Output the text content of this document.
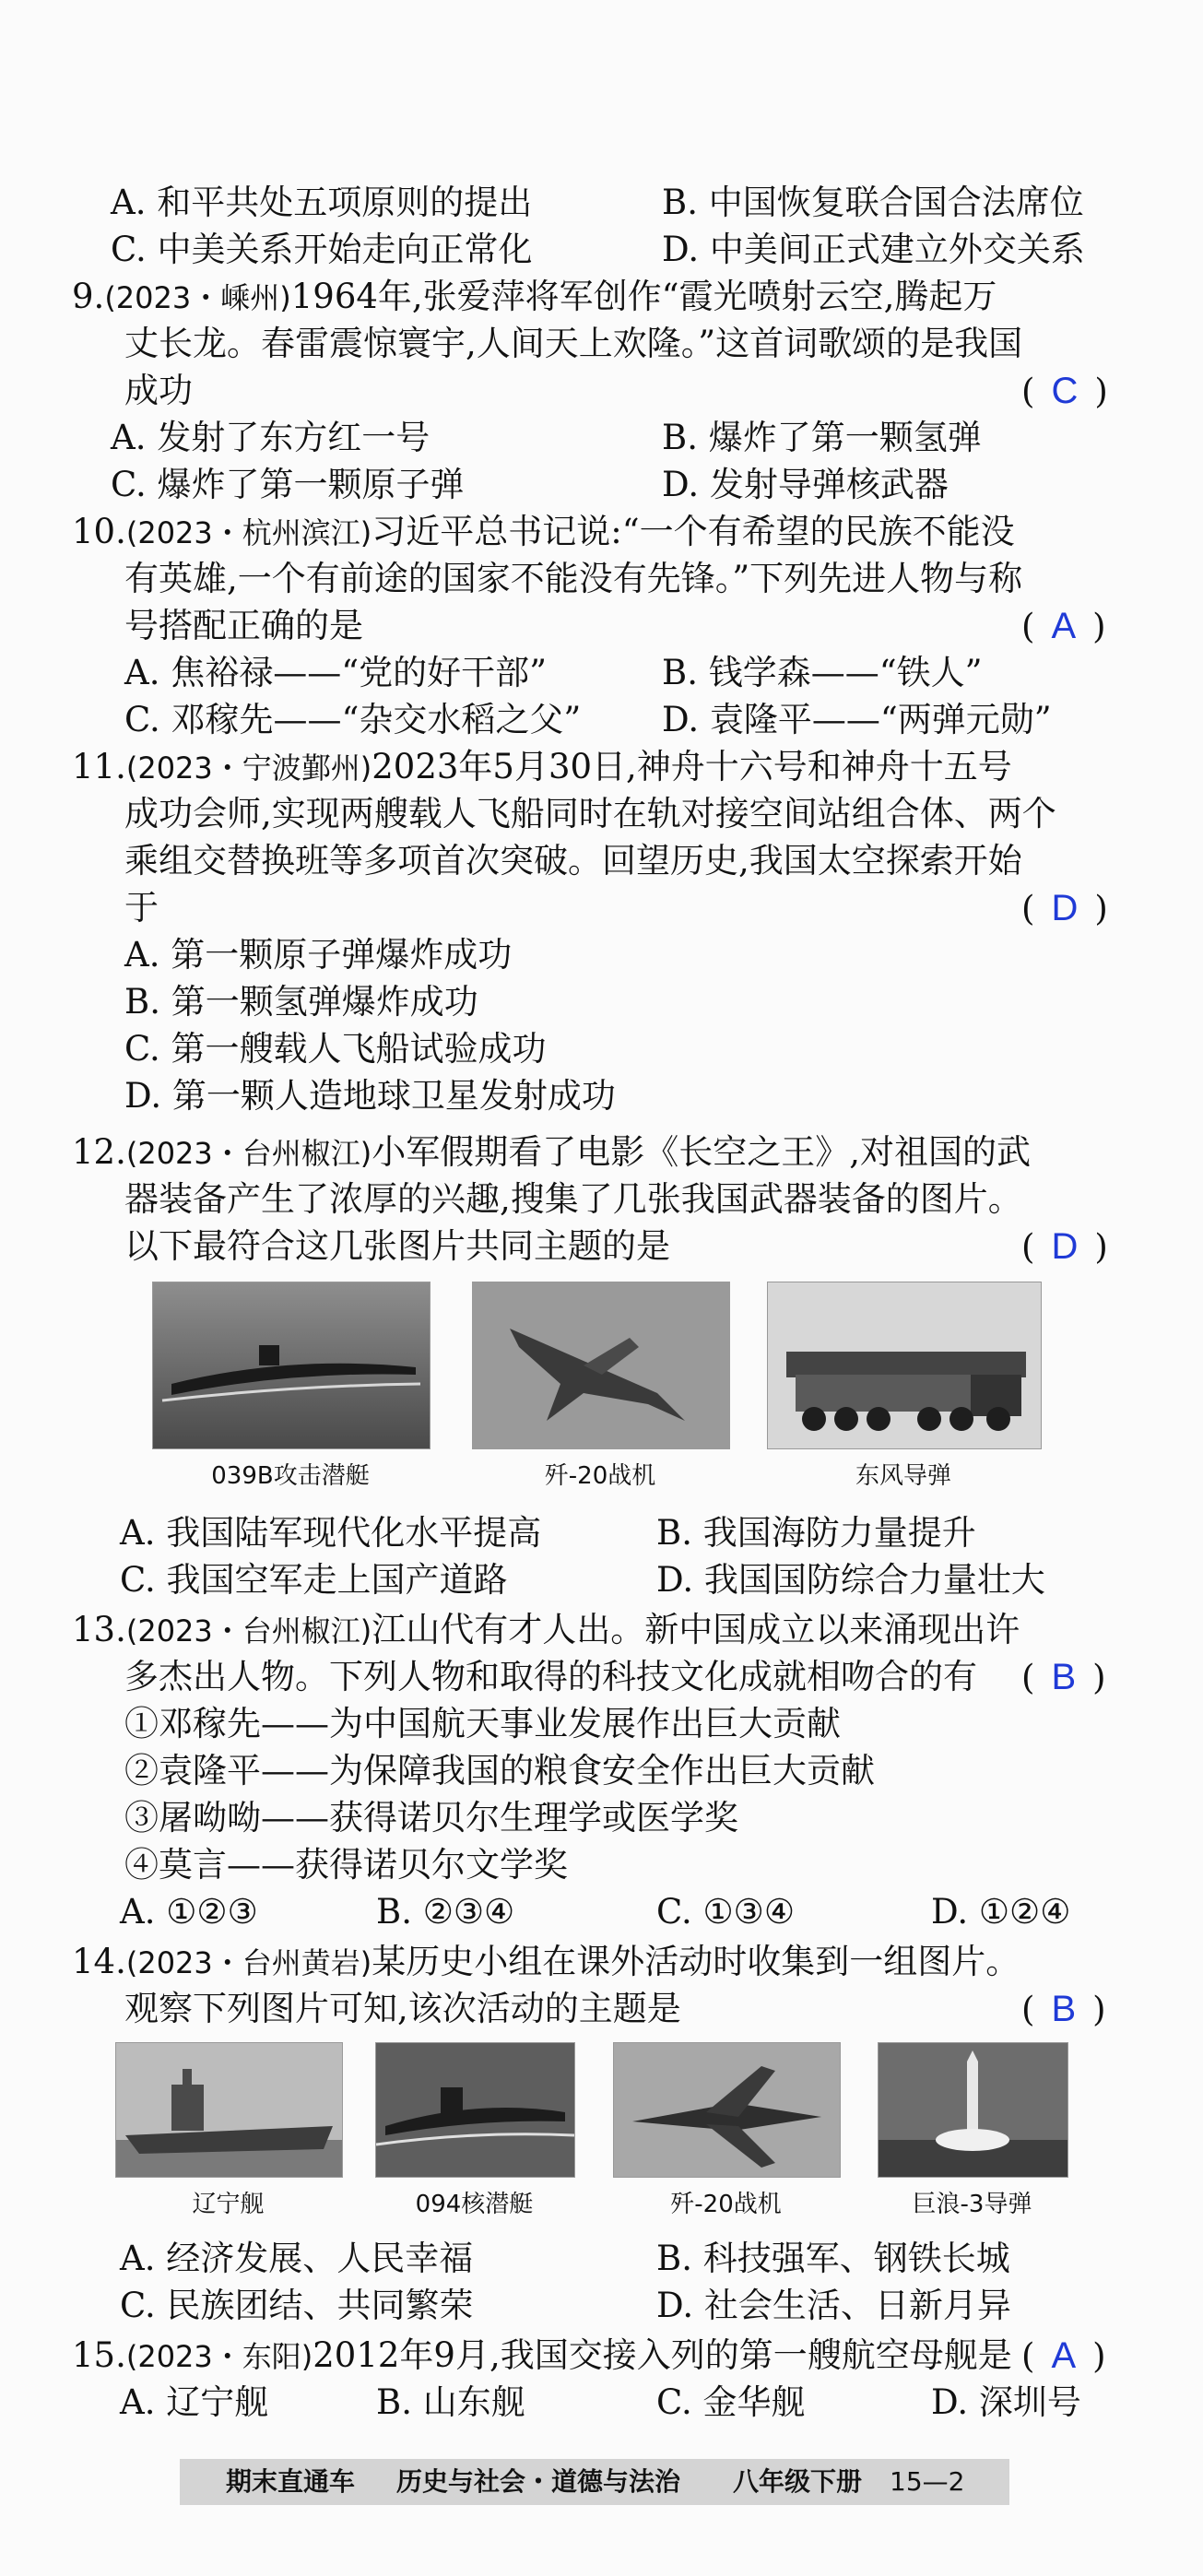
A. 和平共处五项原则的提出	B. 中国恢复联合国合法席位
C. 中美关系开始走向正常化	D. 中美间正式建立外交关系
9.(2023・嵊州)1964年,张爱萍将军创作“霞光喷射云空,腾起万
丈长龙。春雷震惊寰宇,人间天上欢隆。”这首词歌颂的是我国
成功	( C )
A. 发射了东方红一号	B. 爆炸了第一颗氢弹
C. 爆炸了第一颗原子弹	D. 发射导弹核武器
10.(2023・杭州滨江)习近平总书记说:“一个有希望的民族不能没
有英雄,一个有前途的国家不能没有先锋。”下列先进人物与称
号搭配正确的是	( A )
A. 焦裕禄——“党的好干部”	B. 钱学森——“铁人”
C. 邓稼先——“杂交水稻之父” D. 袁隆平——“两弹元勋”
11.(2023・宁波鄞州)2023年5月30日,神舟十六号和神舟十五号
成功会师,实现两艘载人飞船同时在轨对接空间站组合体、两个
乘组交替换班等多项首次突破。回望历史,我国太空探索开始
于	( D )
A. 第一颗原子弹爆炸成功
B. 第一颗氢弹爆炸成功
C. 第一艘载人飞船试验成功
D. 第一颗人造地球卫星发射成功
12.(2023・台州椒江)小军假期看了电影《长空之王》,对祖国的武
器装备产生了浓厚的兴趣,搜集了几张我国武器装备的图片。
以下最符合这几张图片共同主题的是	( D )
039B攻击潜艇	歼-20战机	东风导弹
A. 我国陆军现代化水平提高	B. 我国海防力量提升
C. 我国空军走上国产道路	D. 我国国防综合力量壮大
13.(2023・台州椒江)江山代有才人出。新中国成立以来涌现出许
多杰出人物。下列人物和取得的科技文化成就相吻合的有 ( B )
①邓稼先——为中国航天事业发展作出巨大贡献
②袁隆平——为保障我国的粮食安全作出巨大贡献
③屠呦呦——获得诺贝尔生理学或医学奖
④莫言——获得诺贝尔文学奖
A. ①②③	B. ②③④	C. ①③④	D. ①②④
14.(2023・台州黄岩)某历史小组在课外活动时收集到一组图片。
观察下列图片可知,该次活动的主题是	( B )
辽宁舰	094核潜艇	歼-20战机	巨浪-3导弹
A. 经济发展、人民幸福	B. 科技强军、钢铁长城
C. 民族团结、共同繁荣	D. 社会生活、日新月异
15.(2023・东阳)2012年9月,我国交接入列的第一艘航空母舰是 ( A )
A. 辽宁舰	B. 山东舰	C. 金华舰	D. 深圳号
期末直通车 历史与社会・道德与法治 八年级下册 15—2
